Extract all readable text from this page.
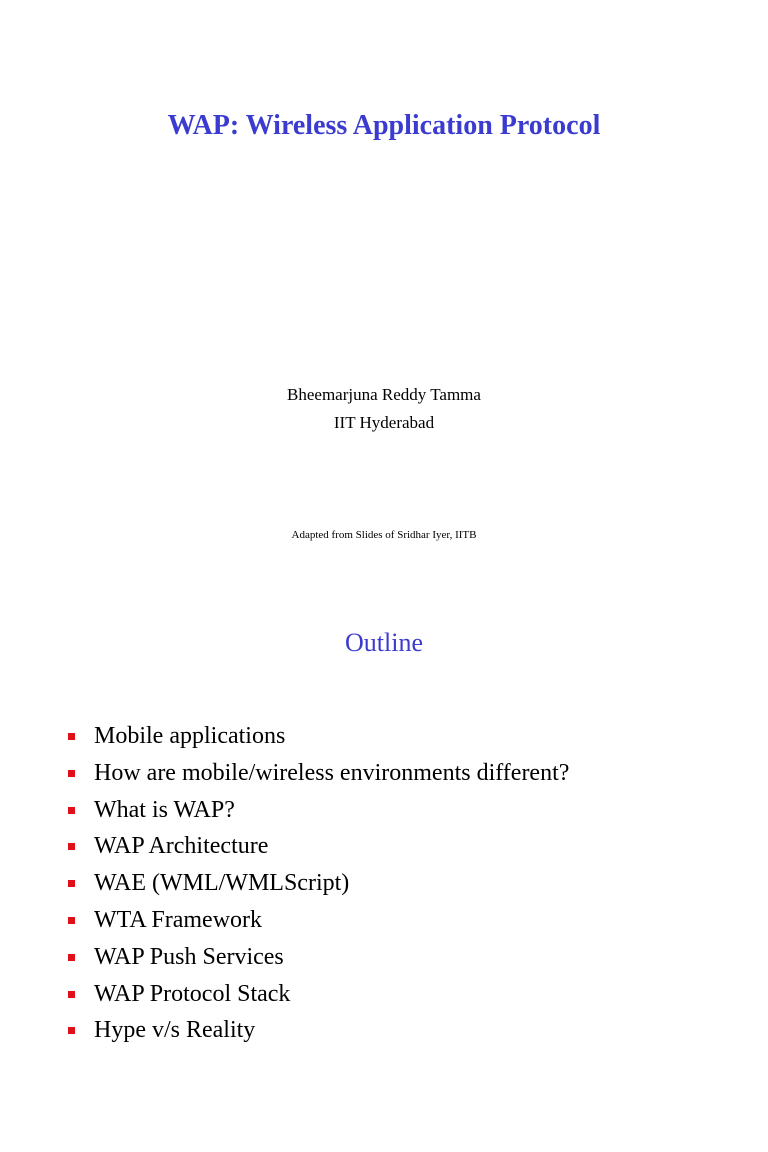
WAP: Wireless Application Protocol
Bheemarjuna Reddy Tamma
IIT Hyderabad
Adapted from Slides of Sridhar Iyer, IITB
Outline
Mobile applications
How are mobile/wireless environments different?
What is WAP?
WAP Architecture
WAE (WML/WMLScript)
WTA Framework
WAP Push Services
WAP Protocol Stack
Hype v/s Reality
